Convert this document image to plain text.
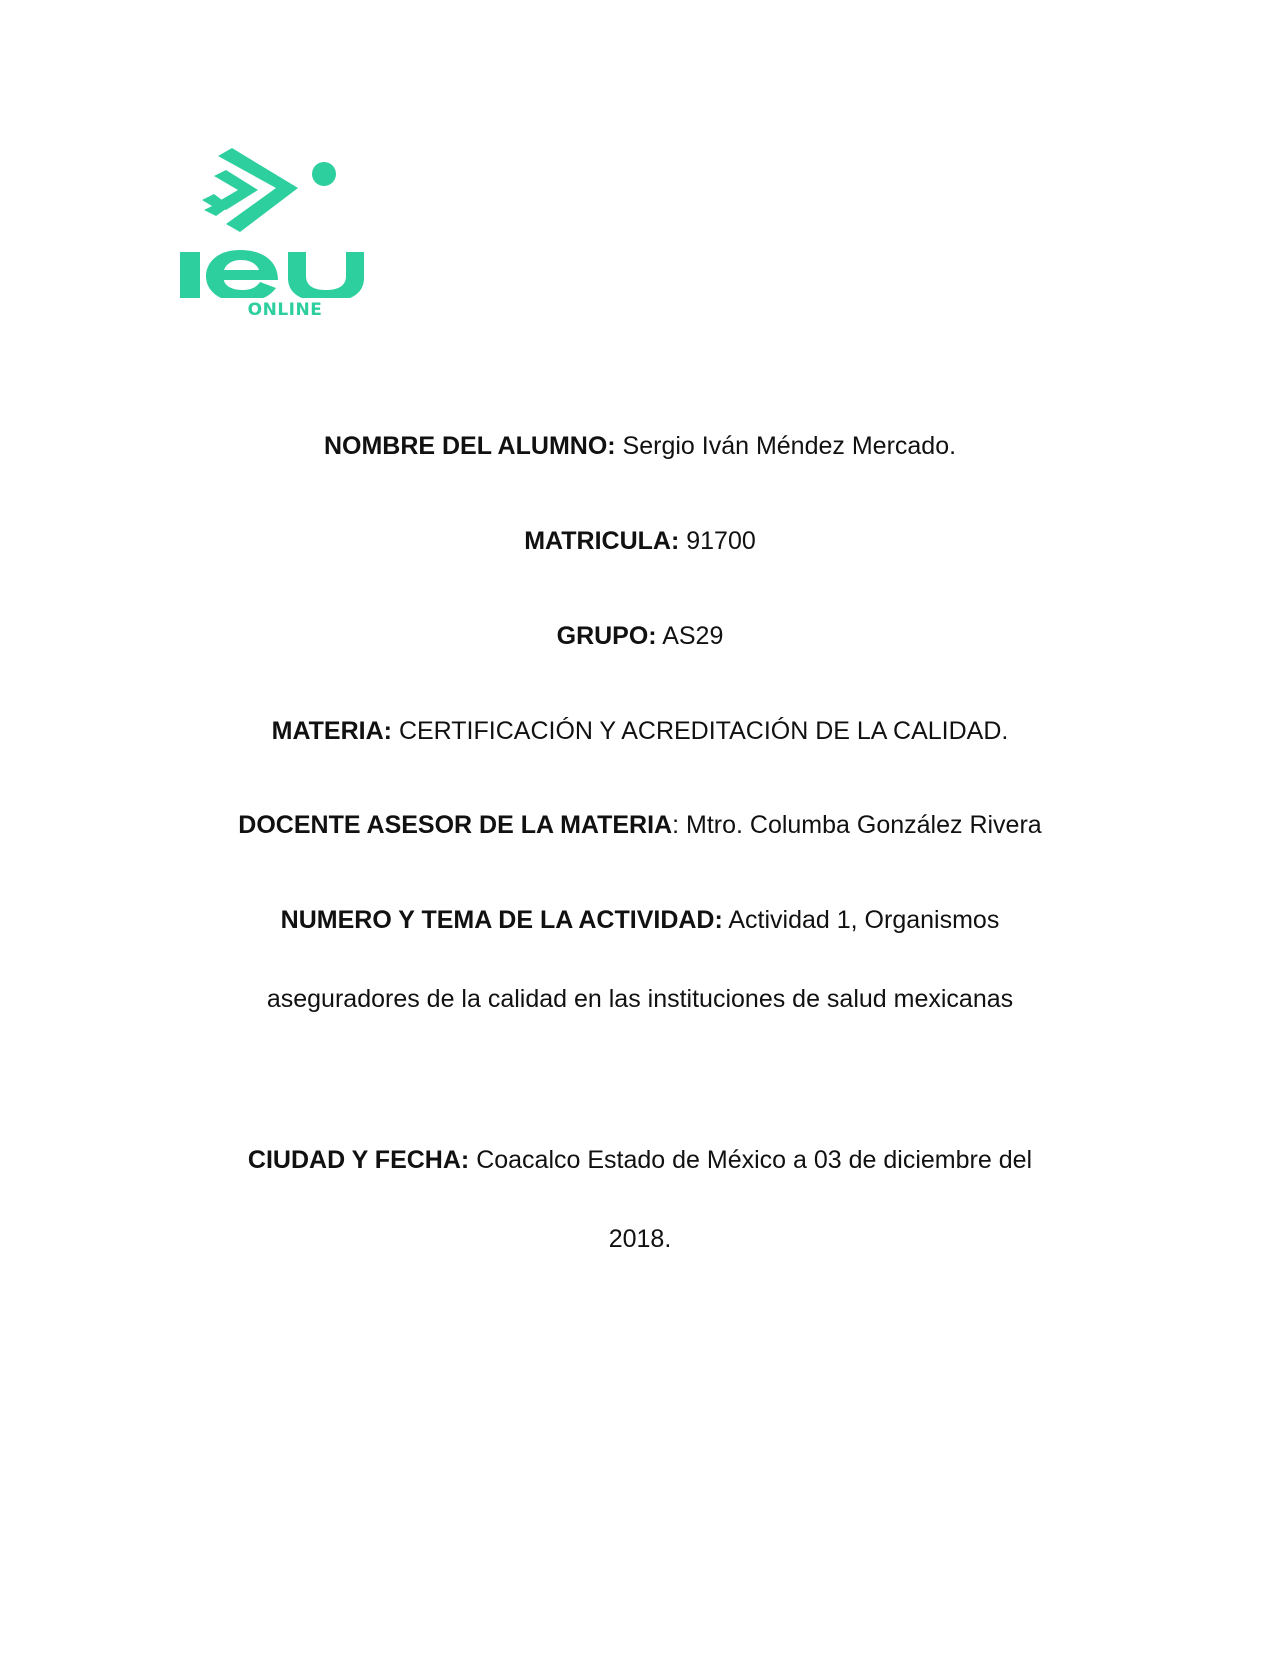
ONLINE
NOMBRE DEL ALUMNO: Sergio Iván Méndez Mercado.
MATRICULA: 91700
GRUPO: AS29
MATERIA: CERTIFICACIÓN Y ACREDITACIÓN DE LA CALIDAD.
DOCENTE ASESOR DE LA MATERIA: Mtro. Columba González Rivera
NUMERO Y TEMA DE LA ACTIVIDAD: Actividad 1, Organismos
aseguradores de la calidad en las instituciones de salud mexicanas
CIUDAD Y FECHA: Coacalco Estado de México a 03 de diciembre del
2018.
